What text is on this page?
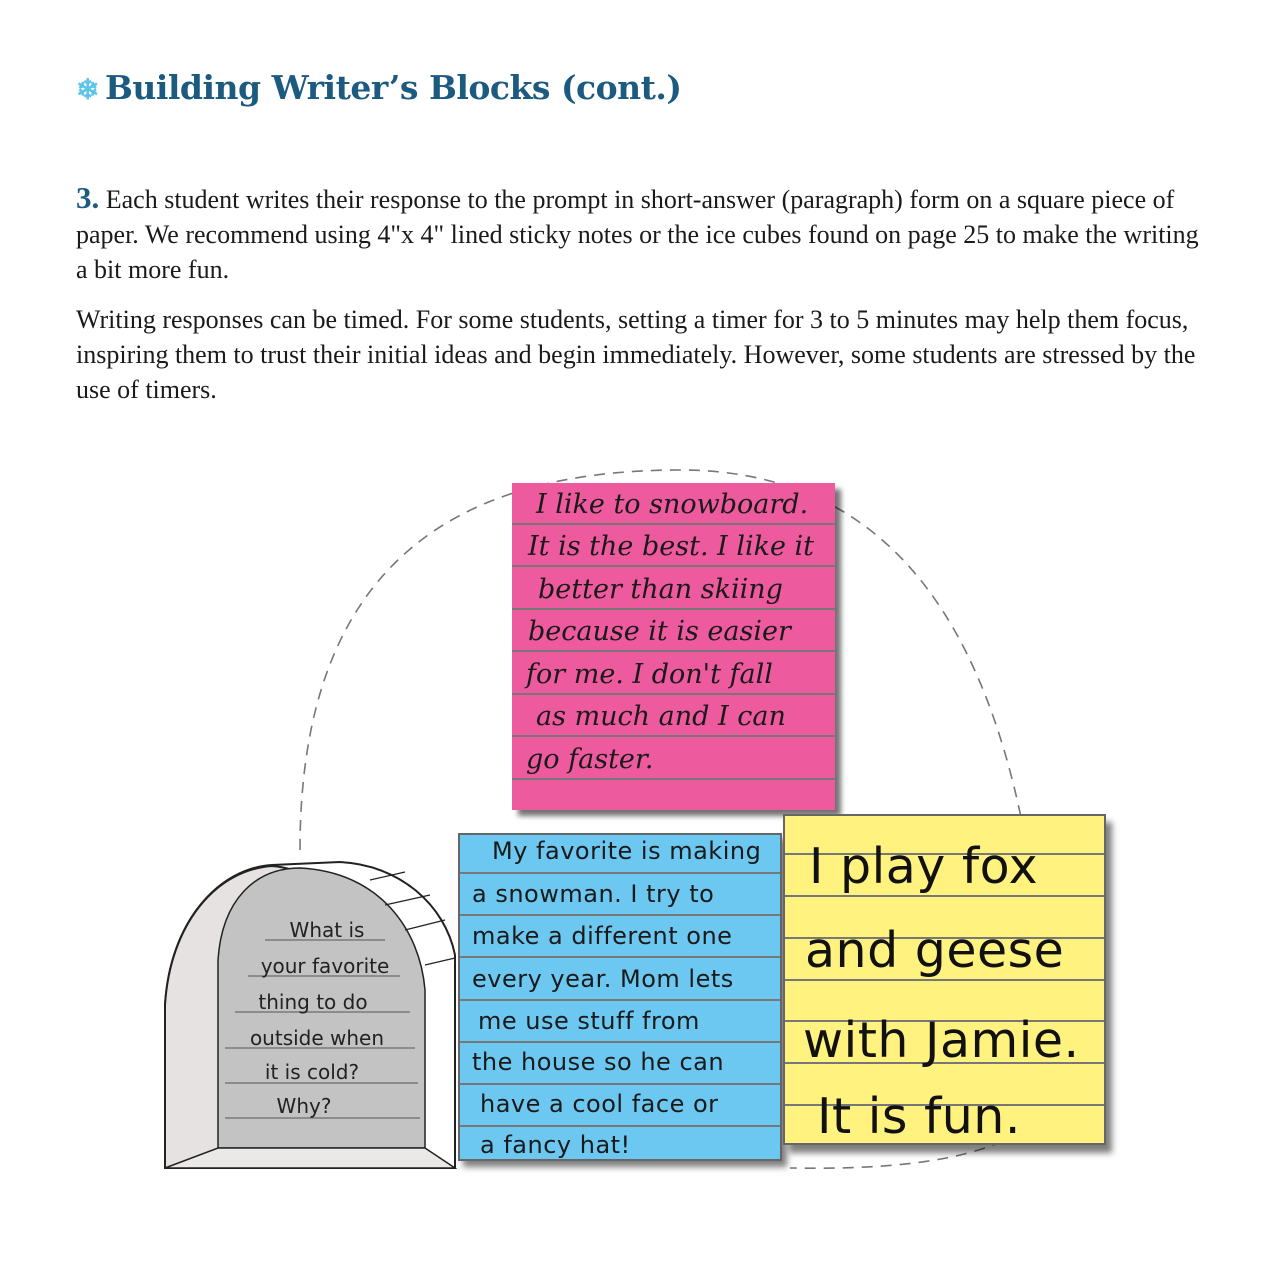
❄ Building Writer’s Blocks (cont.)

3. Each student writes their response to the prompt in short-answer (paragraph) form on a square piece of paper. We recommend using 4"x 4" lined sticky notes or the ice cubes found on page 25 to make the writing a bit more fun.

Writing responses can be timed. For some students, setting a timer for 3 to 5 minutes may help them focus, inspiring them to trust their initial ideas and begin immediately. However, some students are stressed by the use of timers.

What is
your favorite
thing to do
outside when
it is cold?
Why?
I like to snowboard.
It is the best. I like it
better than skiing
because it is easier
for me. I don't fall
as much and I can
go faster.
My favorite is making
a snowman. I try to
make a different one
every year. Mom lets
me use stuff from
the house so he can
have a cool face or
a fancy hat!
I play fox
and geese
with Jamie.
It is fun.
